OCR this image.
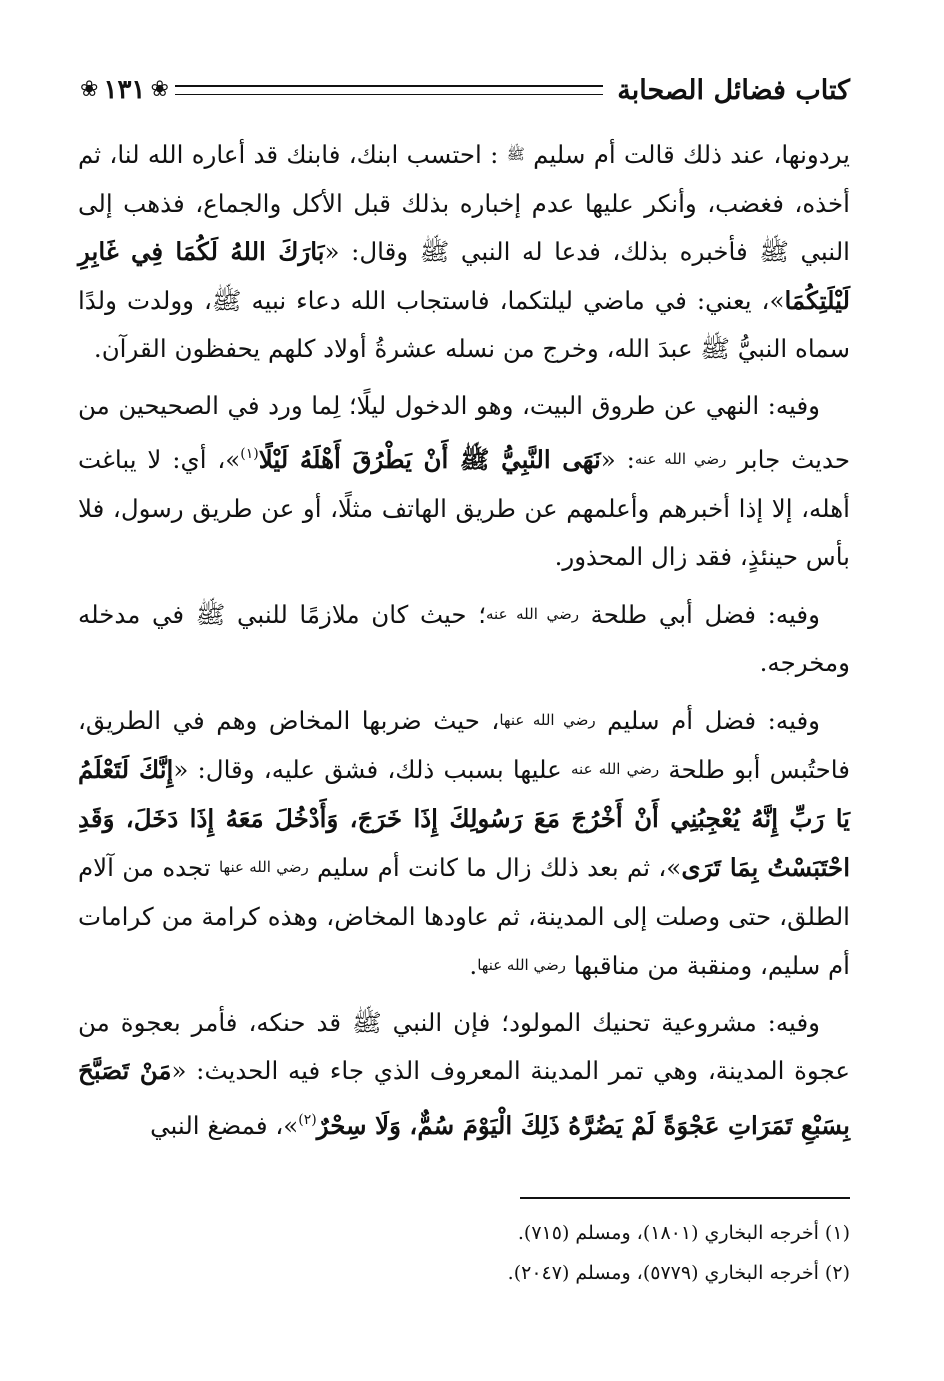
كتاب فضائل الصحابة
❀
١٣١
❀

يردونها، عند ذلك قالت أم سليم ﷺ : احتسب ابنك، فابنك قد أعاره الله لنا، ثم أخذه، فغضب، وأنكر عليها عدم إخباره بذلك قبل الأكل والجماع، فذهب إلى النبي ﷺ فأخبره بذلك، فدعا له النبي ﷺ وقال: «بَارَكَ اللهُ لَكُمَا فِي غَابِرِ لَيْلَتِكُمَا»، يعني: في ماضي ليلتكما، فاستجاب الله دعاء نبيه ﷺ، وولدت ولدًا سماه النبيُّ ﷺ عبدَ الله، وخرج من نسله عشرةُ أولاد كلهم يحفظون القرآن.

وفيه: النهي عن طروق البيت، وهو الدخول ليلًا؛ لِما ورد في الصحيحين من حديث جابر رضي الله عنه: «نَهَى النَّبِيُّ ﷺ أَنْ يَطْرُقَ أَهْلَهُ لَيْلًا$^{(١)}$»، أي: لا يباغت أهله، إلا إذا أخبرهم وأعلمهم عن طريق الهاتف مثلًا، أو عن طريق رسول، فلا بأس حينئذٍ، فقد زال المحذور.

وفيه: فضل أبي طلحة رضي الله عنه؛ حيث كان ملازمًا للنبي ﷺ في مدخله ومخرجه.

وفيه: فضل أم سليم رضي الله عنها، حيث ضربها المخاض وهم في الطريق، فاحتُبس أبو طلحة رضي الله عنه عليها بسبب ذلك، فشق عليه، وقال: «إِنَّكَ لَتَعْلَمُ يَا رَبِّ إِنَّهُ يُعْجِبُنِي أَنْ أَخْرُجَ مَعَ رَسُولِكَ إِذَا خَرَجَ، وَأَدْخُلَ مَعَهُ إِذَا دَخَلَ، وَقَدِ احْتَبَسْتُ بِمَا تَرَى»، ثم بعد ذلك زال ما كانت أم سليم رضي الله عنها تجده من آلام الطلق، حتى وصلت إلى المدينة، ثم عاودها المخاض، وهذه كرامة من كرامات أم سليم، ومنقبة من مناقبها رضي الله عنها.

وفيه: مشروعية تحنيك المولود؛ فإن النبي ﷺ قد حنكه، فأمر بعجوة من عجوة المدينة، وهي تمر المدينة المعروف الذي جاء فيه الحديث: «مَنْ تَصَبَّحَ بِسَبْعِ تَمَرَاتِ عَجْوَةً لَمْ يَضُرَّهُ ذَلِكَ الْيَوْمَ سُمٌّ، وَلَا سِحْرٌ$^{(٢)}$»، فمضغ النبي

(١) أخرجه البخاري (١٨٠١)، ومسلم (٧١٥).
(٢) أخرجه البخاري (٥٧٧٩)، ومسلم (٢٠٤٧).
